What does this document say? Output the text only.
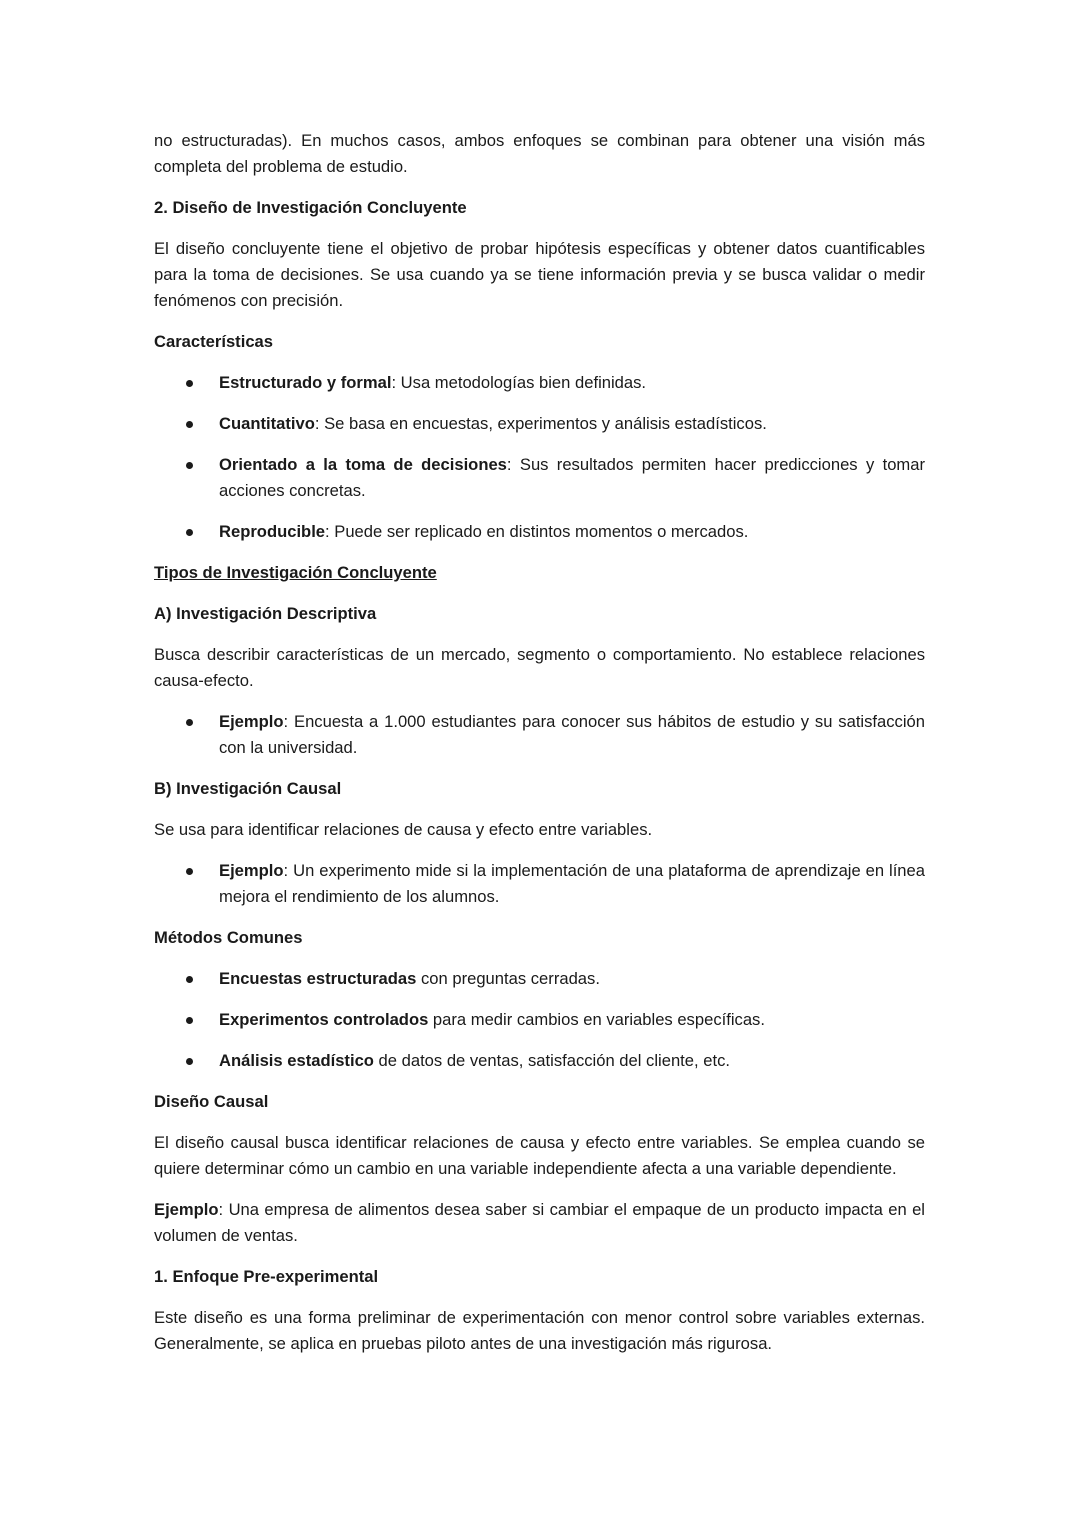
no estructuradas). En muchos casos, ambos enfoques se combinan para obtener una visión más completa del problema de estudio.
2. Diseño de Investigación Concluyente
El diseño concluyente tiene el objetivo de probar hipótesis específicas y obtener datos cuantificables para la toma de decisiones. Se usa cuando ya se tiene información previa y se busca validar o medir fenómenos con precisión.
Características
Estructurado y formal: Usa metodologías bien definidas.
Cuantitativo: Se basa en encuestas, experimentos y análisis estadísticos.
Orientado a la toma de decisiones: Sus resultados permiten hacer predicciones y tomar acciones concretas.
Reproducible: Puede ser replicado en distintos momentos o mercados.
Tipos de Investigación Concluyente
A) Investigación Descriptiva
Busca describir características de un mercado, segmento o comportamiento. No establece relaciones causa-efecto.
Ejemplo: Encuesta a 1.000 estudiantes para conocer sus hábitos de estudio y su satisfacción con la universidad.
B) Investigación Causal
Se usa para identificar relaciones de causa y efecto entre variables.
Ejemplo: Un experimento mide si la implementación de una plataforma de aprendizaje en línea mejora el rendimiento de los alumnos.
Métodos Comunes
Encuestas estructuradas con preguntas cerradas.
Experimentos controlados para medir cambios en variables específicas.
Análisis estadístico de datos de ventas, satisfacción del cliente, etc.
Diseño Causal
El diseño causal busca identificar relaciones de causa y efecto entre variables. Se emplea cuando se quiere determinar cómo un cambio en una variable independiente afecta a una variable dependiente.
Ejemplo: Una empresa de alimentos desea saber si cambiar el empaque de un producto impacta en el volumen de ventas.
1. Enfoque Pre-experimental
Este diseño es una forma preliminar de experimentación con menor control sobre variables externas. Generalmente, se aplica en pruebas piloto antes de una investigación más rigurosa.
